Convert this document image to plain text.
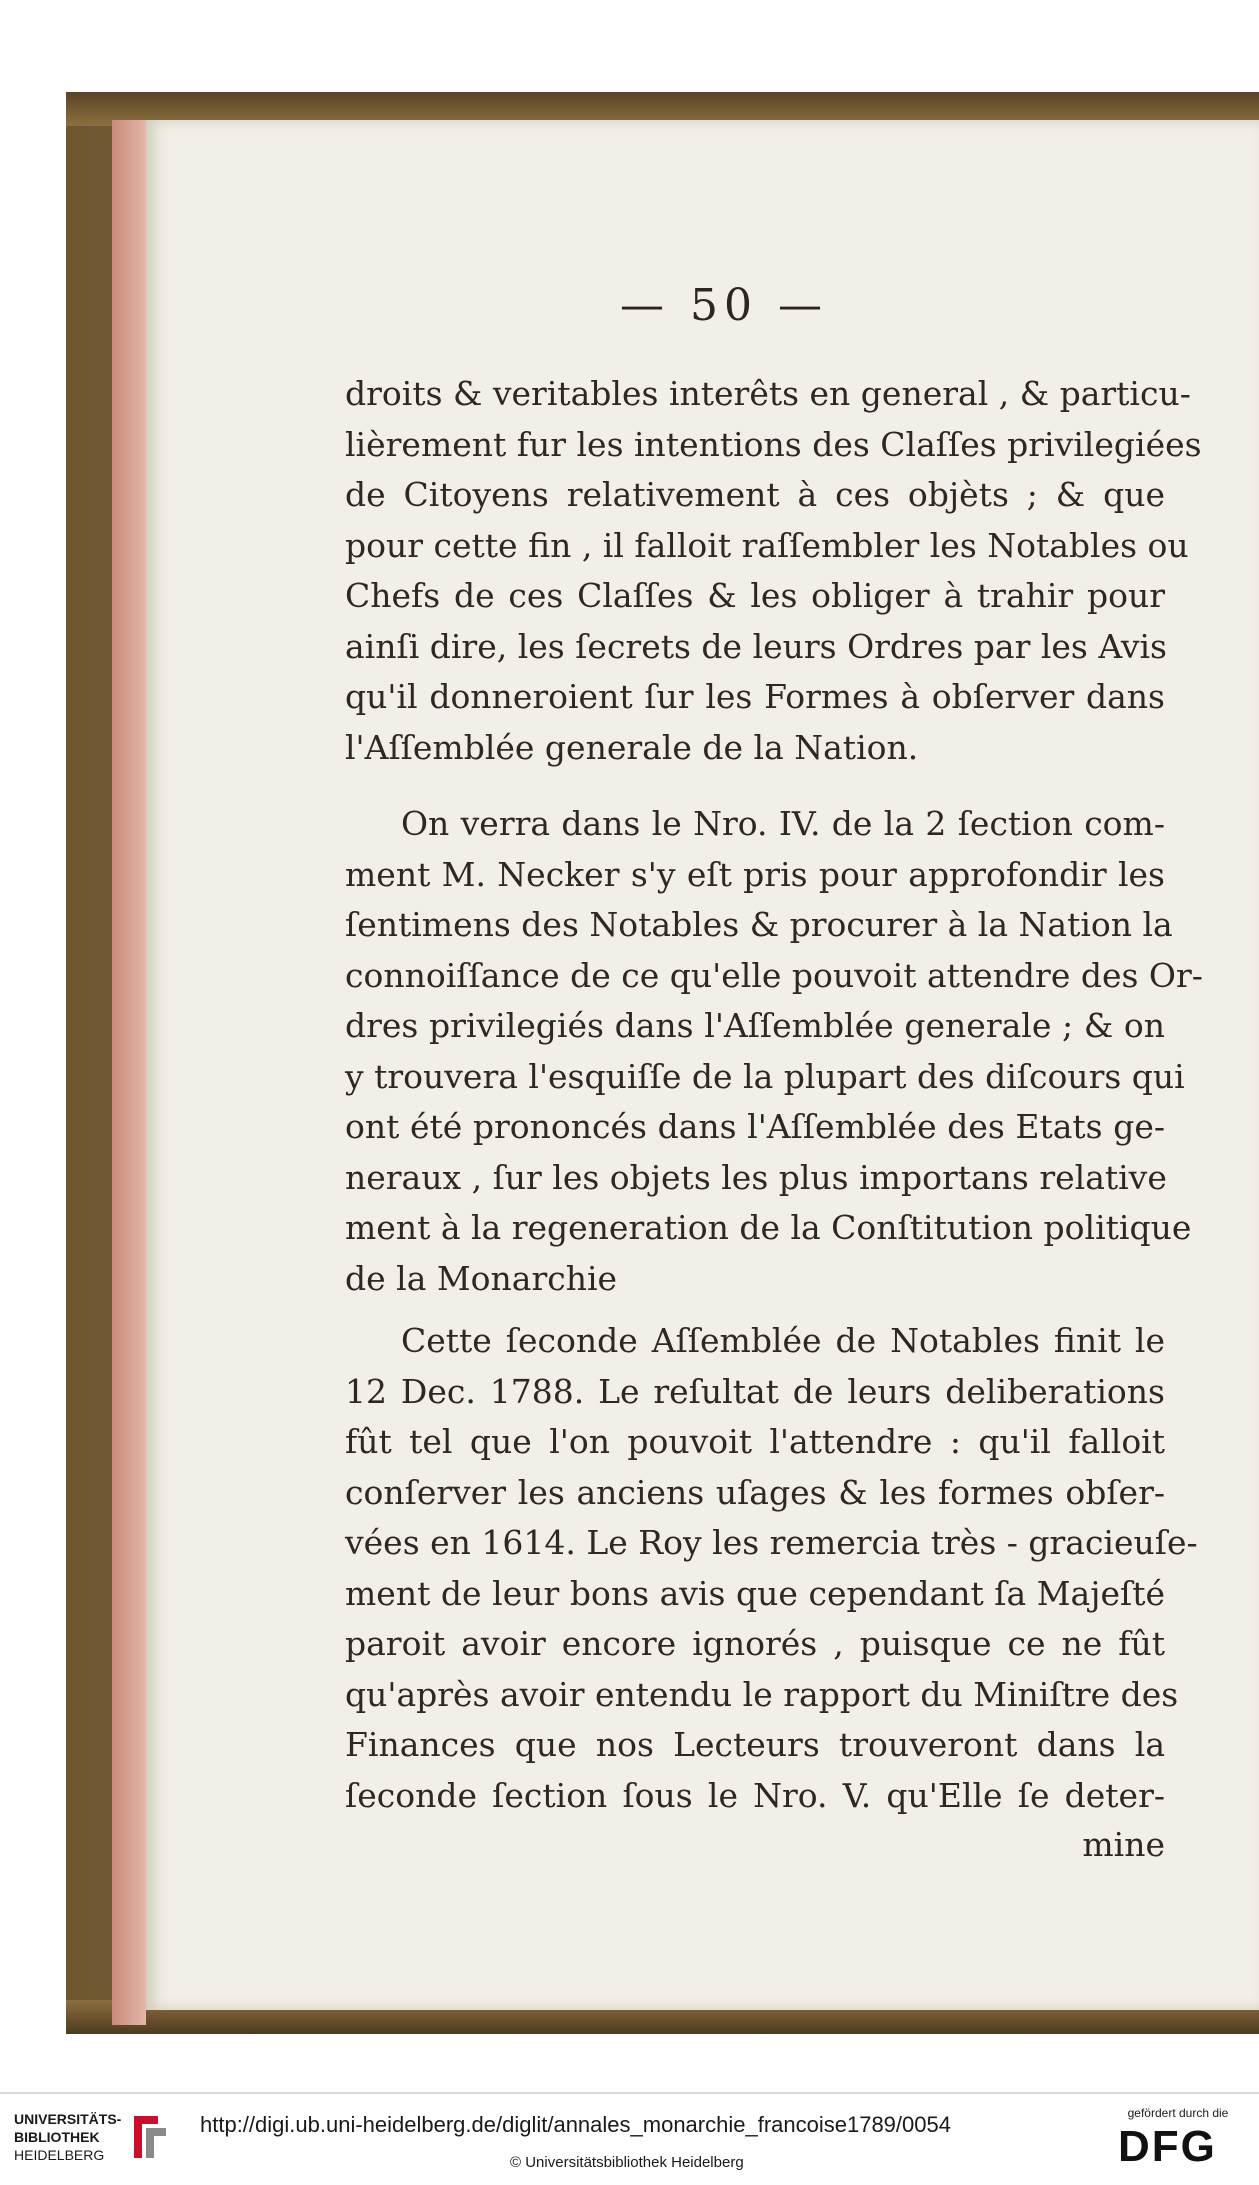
— 50 —
droits & veritables interêts en general , & particu-
lièrement fur les intentions des Claſſes privilegiées
de Citoyens relativement à ces objèts ; & que
pour cette fin , il falloit raſſembler les Notables ou
Chefs de ces Claſſes & les obliger à trahir pour
ainſi dire, les ſecrets de leurs Ordres par les Avis
qu'il donneroient ſur les Formes à obſerver dans
l'Aſſemblée generale de la Nation.
On verra dans le Nro. IV. de la 2 ſection com-
ment M. Necker s'y eſt pris pour approfondir les
ſentimens des Notables & procurer à la Nation la
connoiſſance de ce qu'elle pouvoit attendre des Or-
dres privilegiés dans l'Aſſemblée generale ; & on
y trouvera l'esquiſſe de la plupart des diſcours qui
ont été prononcés dans l'Aſſemblée des Etats ge-
neraux , ſur les objets les plus importans relative
ment à la regeneration de la Conſtitution politique
de la Monarchie
Cette ſeconde Aſſemblée de Notables finit le
12 Dec. 1788. Le reſultat de leurs deliberations
fût tel que l'on pouvoit l'attendre : qu'il falloit
conſerver les anciens uſages & les formes obſer-
vées en 1614. Le Roy les remercia très - gracieuſe-
ment de leur bons avis que cependant ſa Majeſté
paroit avoir encore ignorés , puisque ce ne fût
qu'après avoir entendu le rapport du Miniſtre des
Finances que nos Lecteurs trouveront dans la
ſeconde ſection ſous le Nro. V. qu'Elle ſe deter-
mine
UNIVERSITÄTS-
BIBLIOTHEK
HEIDELBERG
http://digi.ub.uni-heidelberg.de/diglit/annales_monarchie_francoise1789/0054
© Universitätsbibliothek Heidelberg
gefördert durch die
DFG
